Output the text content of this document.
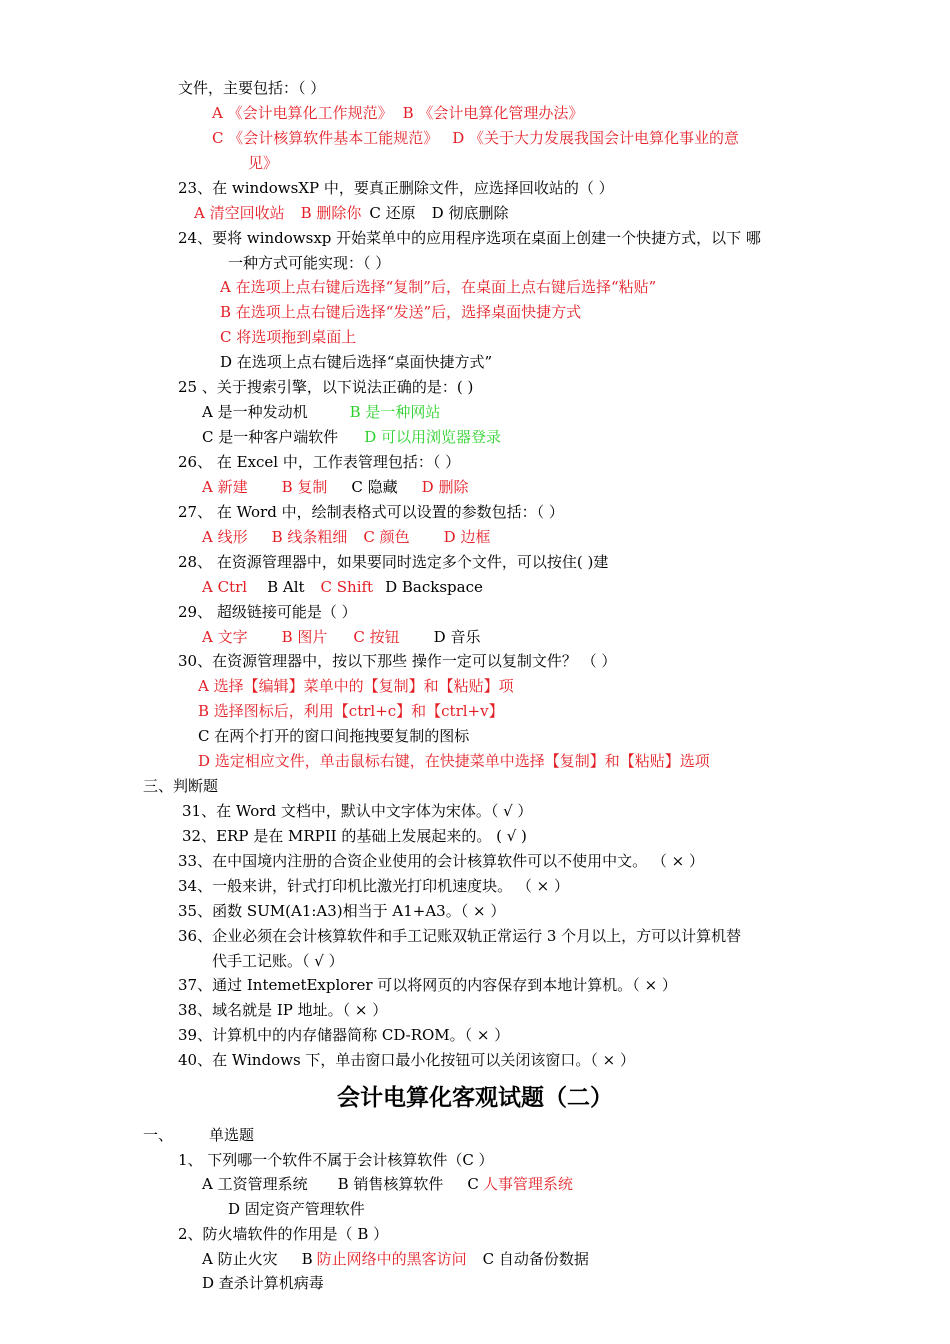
文件，主要包括：（ ）
A 《会计电算化工作规范》 B 《会计电算化管理办法》
C 《会计核算软件基本工能规范》 D 《关于大力发展我国会计电算化事业的意
见》
23、在 windowsXP 中，要真正删除文件，应选择回收站的（ ）
A 清空回收站 B 删除你 C 还原 D 彻底删除
24、要将 windowsxp 开始菜单中的应用程序选项在桌面上创建一个快捷方式，以下 哪
一种方式可能实现：（ ）
A 在选项上点右键后选择“复制”后，在桌面上点右键后选择“粘贴”
B 在选项上点右键后选择“发送”后，选择桌面快捷方式
C 将选项拖到桌面上
D 在选项上点右键后选择“桌面快捷方式”
25 、关于搜索引擎，以下说法正确的是：( )
A 是一种发动机	B 是一种网站
C 是一种客户端软件 D 可以用浏览器登录
26、 在 Excel 中，工作表管理包括：（ ）
A 新建 B 复制 C 隐藏 D 删除
27、 在 Word 中，绘制表格式可以设置的参数包括：（ ）
A 线形 B 线条粗细 C 颜色 D 边框
28、 在资源管理器中，如果要同时选定多个文件，可以按住( )建
A Ctrl B Alt C Shift D Backspace
29、 超级链接可能是（ ）
A 文字 B 图片 C 按钮 D 音乐
30、在资源管理器中，按以下那些 操作一定可以复制文件？ （ ）
A 选择【编辑】菜单中的【复制】和【粘贴】项
B 选择图标后，利用【ctrl+c】和【ctrl+v】
C 在两个打开的窗口间拖拽要复制的图标
D 选定相应文件，单击鼠标右键，在快捷菜单中选择【复制】和【粘贴】选项
三、判断题
31、在 Word 文档中，默认中文字体为宋体。（ √ ）
32、ERP 是在 MRPII 的基础上发展起来的。 ( √ )
33、在中国境内注册的合资企业使用的会计核算软件可以不使用中文。 （ × ）
34、一般来讲，针式打印机比激光打印机速度块。 （ × ）
35、函数 SUM(A1:A3)相当于 A1+A3。（ × ）
36、企业必须在会计核算软件和手工记账双轨正常运行 3 个月以上，方可以计算机替
代手工记账。（ √ ）
37、通过 IntemetExplorer 可以将网页的内容保存到本地计算机。（ × ）
38、域名就是 IP 地址。（ × ）
39、计算机中的内存储器简称 CD-ROM。（ × ）
40、在 Windows 下，单击窗口最小化按钮可以关闭该窗口。（ × ）
一、 单选题
1、 下列哪一个软件不属于会计核算软件（C ）
A 工资管理系统 B 销售核算软件 C 人事管理系统
D 固定资产管理软件
2、防火墙软件的作用是（ B ）
A 防止火灾 B 防止网络中的黑客访问 C 自动备份数据
D 查杀计算机病毒
会计电算化客观试题（二）
